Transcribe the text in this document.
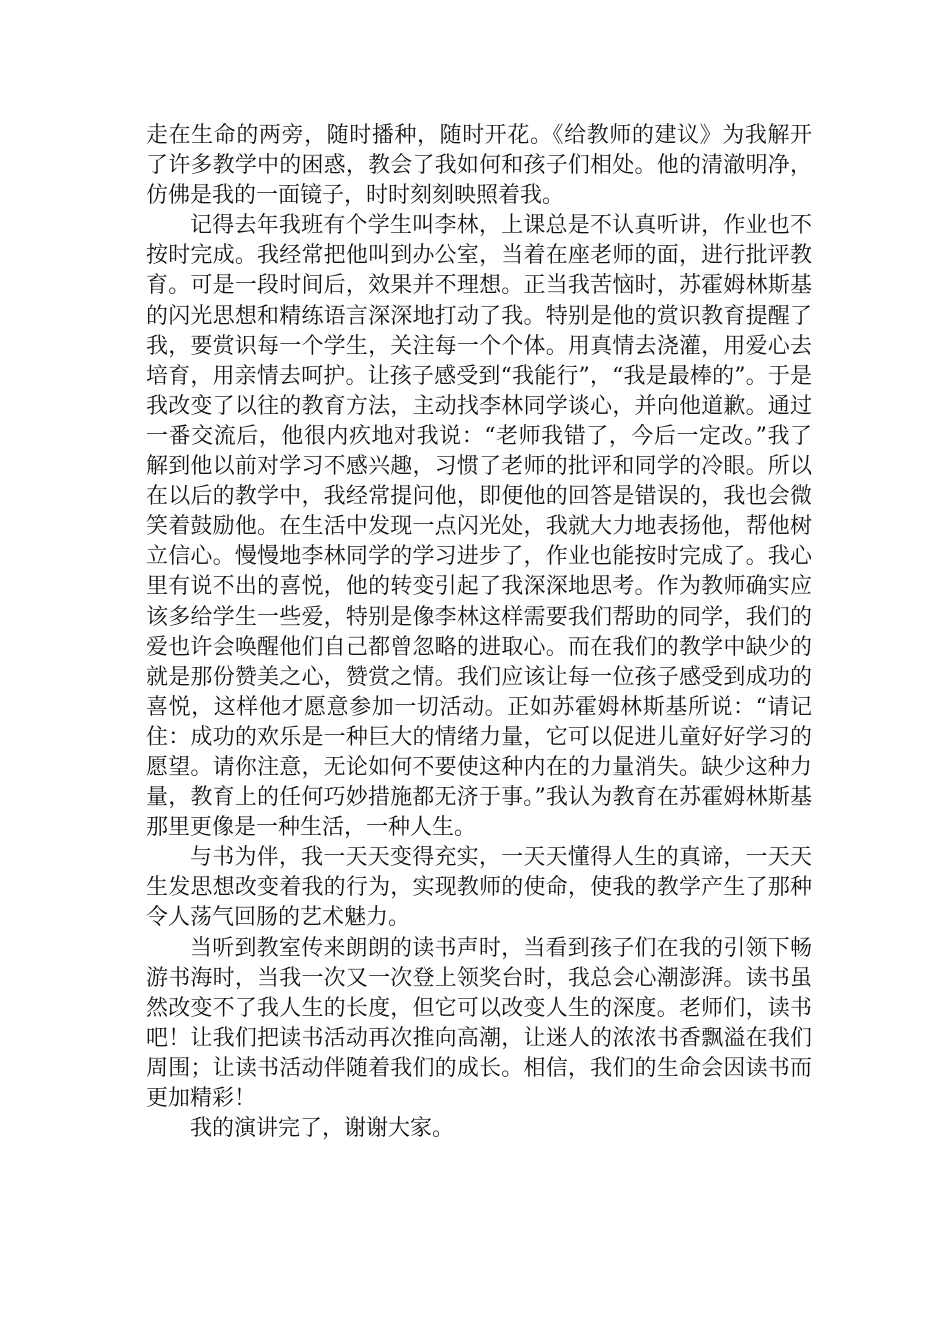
走在生命的两旁，随时播种，随时开花。《给教师的建议》为我解开了许多教学中的困惑，教会了我如何和孩子们相处。他的清澈明净，仿佛是我的一面镜子，时时刻刻映照着我。

记得去年我班有个学生叫李林，上课总是不认真听讲，作业也不按时完成。我经常把他叫到办公室，当着在座老师的面，进行批评教育。可是一段时间后，效果并不理想。正当我苦恼时，苏霍姆林斯基的闪光思想和精练语言深深地打动了我。特别是他的赏识教育提醒了我，要赏识每一个学生，关注每一个个体。用真情去浇灌，用爱心去培育，用亲情去呵护。让孩子感受到“我能行”，“我是最棒的”。于是我改变了以往的教育方法，主动找李林同学谈心，并向他道歉。通过一番交流后，他很内疚地对我说：“老师我错了，今后一定改。”我了解到他以前对学习不感兴趣，习惯了老师的批评和同学的冷眼。所以在以后的教学中，我经常提问他，即便他的回答是错误的，我也会微笑着鼓励他。在生活中发现一点闪光处，我就大力地表扬他，帮他树立信心。慢慢地李林同学的学习进步了，作业也能按时完成了。我心里有说不出的喜悦，他的转变引起了我深深地思考。作为教师确实应该多给学生一些爱，特别是像李林这样需要我们帮助的同学，我们的爱也许会唤醒他们自己都曾忽略的进取心。而在我们的教学中缺少的就是那份赞美之心，赞赏之情。我们应该让每一位孩子感受到成功的喜悦，这样他才愿意参加一切活动。正如苏霍姆林斯基所说：“请记住：成功的欢乐是一种巨大的情绪力量，它可以促进儿童好好学习的愿望。请你注意，无论如何不要使这种内在的力量消失。缺少这种力量，教育上的任何巧妙措施都无济于事。”我认为教育在苏霍姆林斯基那里更像是一种生活，一种人生。

与书为伴，我一天天变得充实，一天天懂得人生的真谛，一天天生发思想改变着我的行为，实现教师的使命，使我的教学产生了那种令人荡气回肠的艺术魅力。

当听到教室传来朗朗的读书声时，当看到孩子们在我的引领下畅游书海时，当我一次又一次登上领奖台时，我总会心潮澎湃。读书虽然改变不了我人生的长度，但它可以改变人生的深度。老师们，读书吧！让我们把读书活动再次推向高潮，让迷人的浓浓书香飘溢在我们周围；让读书活动伴随着我们的成长。相信，我们的生命会因读书而更加精彩！

我的演讲完了，谢谢大家。
